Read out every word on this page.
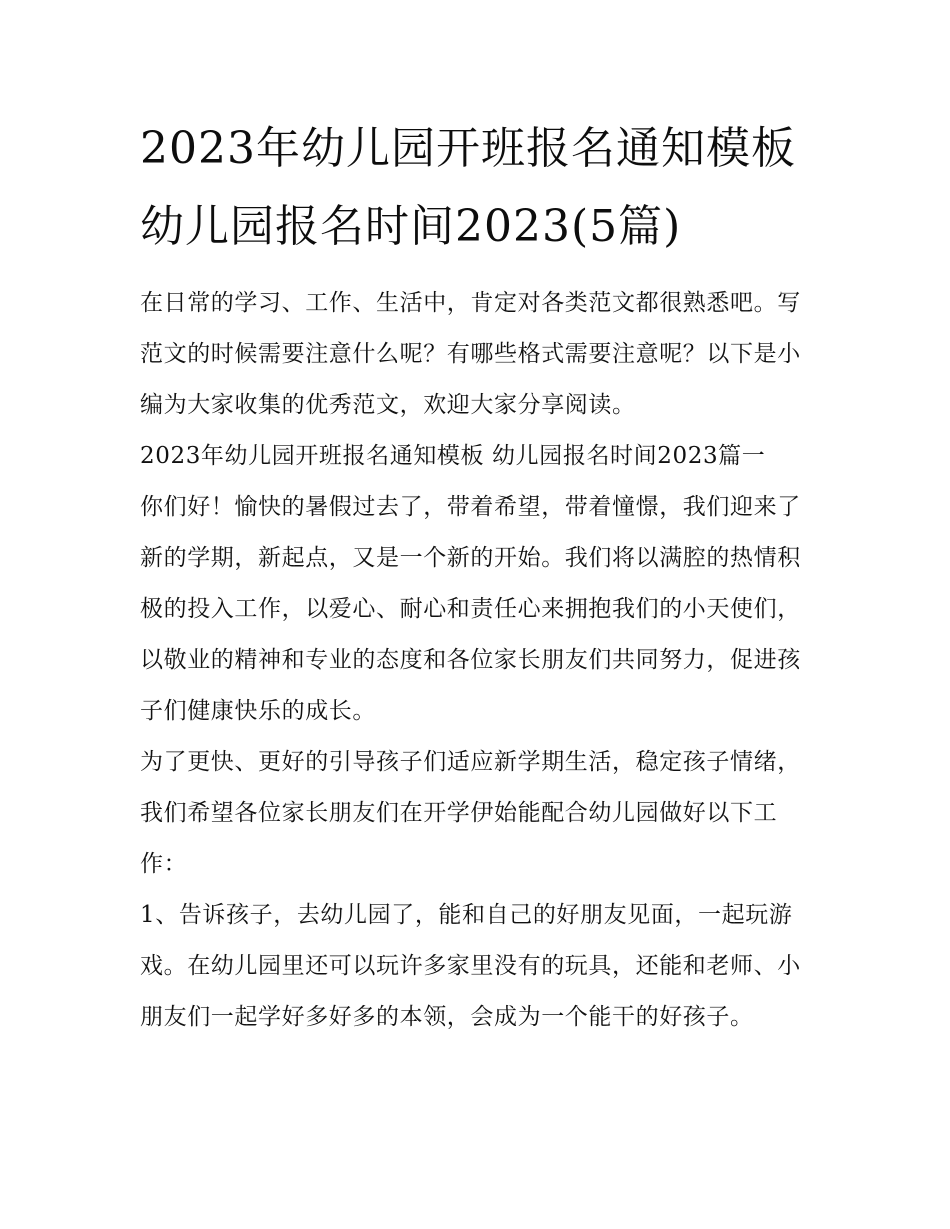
2023年幼儿园开班报名通知模板 幼儿园报名时间2023(5篇)

在日常的学习、工作、生活中，肯定对各类范文都很熟悉吧。写范文的时候需要注意什么呢？有哪些格式需要注意呢？以下是小编为大家收集的优秀范文，欢迎大家分享阅读。

2023年幼儿园开班报名通知模板 幼儿园报名时间2023篇一

你们好！愉快的暑假过去了，带着希望，带着憧憬，我们迎来了新的学期，新起点，又是一个新的开始。我们将以满腔的热情积极的投入工作，以爱心、耐心和责任心来拥抱我们的小天使们，以敬业的精神和专业的态度和各位家长朋友们共同努力，促进孩子们健康快乐的成长。

为了更快、更好的引导孩子们适应新学期生活，稳定孩子情绪，我们希望各位家长朋友们在开学伊始能配合幼儿园做好以下工作：

1、告诉孩子，去幼儿园了，能和自己的好朋友见面，一起玩游戏。在幼儿园里还可以玩许多家里没有的玩具，还能和老师、小朋友们一起学好多好多的本领，会成为一个能干的好孩子。
